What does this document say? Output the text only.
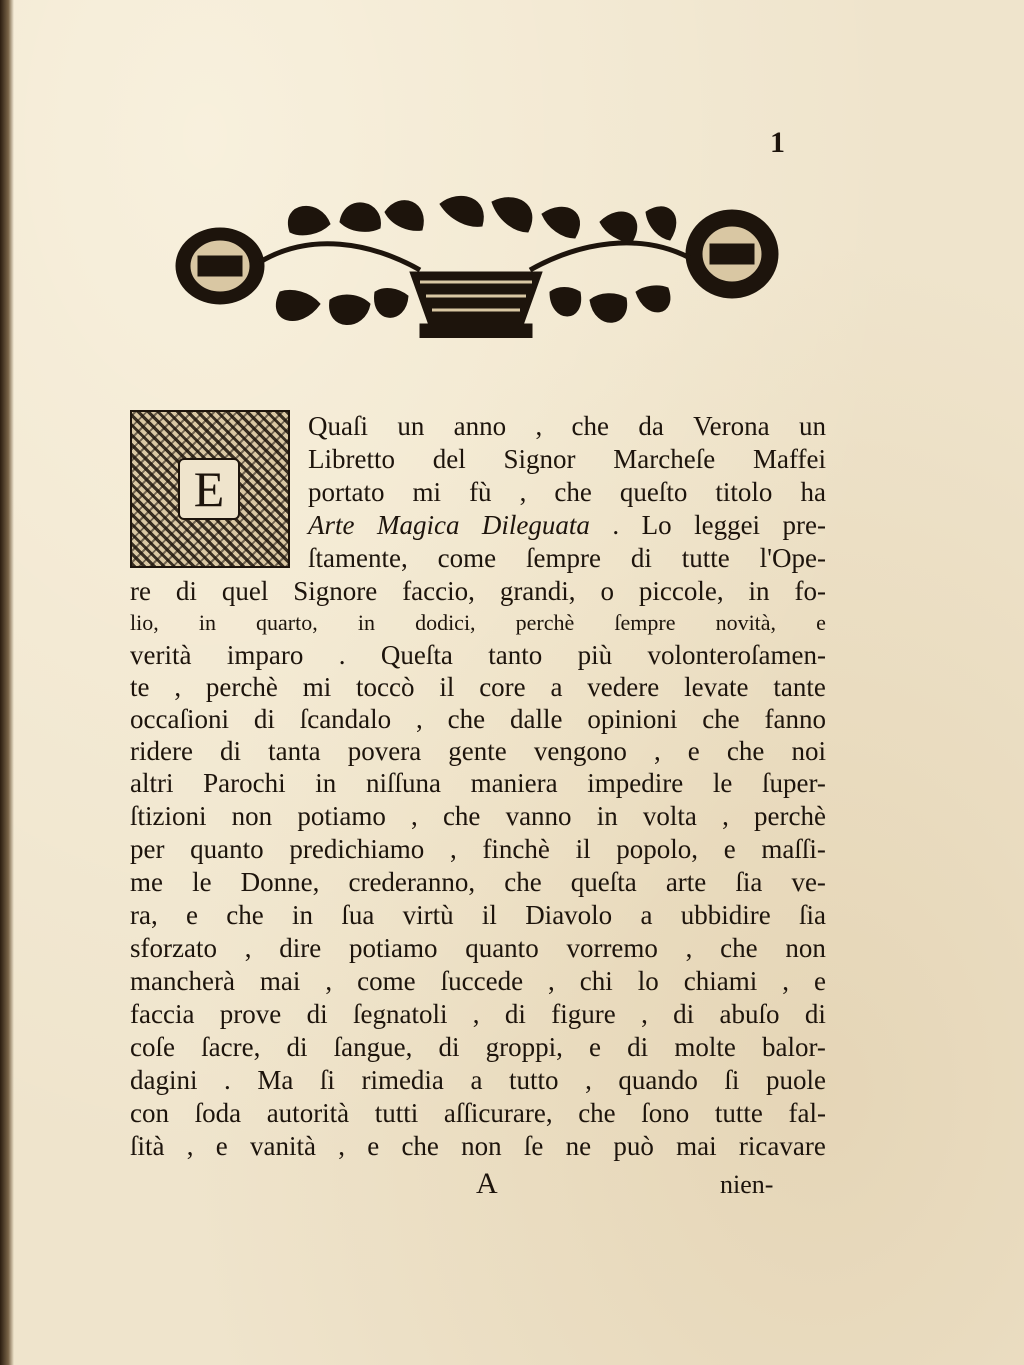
1
E
Quaſi un anno , che da Verona un
Libretto del Signor Marcheſe Maffei
portato mi fù , che queſto titolo ha
Arte Magica Dileguata . Lo leggei pre-
ſtamente, come ſempre di tutte l'Ope-
re di quel Signore faccio, grandi, o piccole, in fo-
lio, in quarto, in dodici, perchè ſempre novità, e
verità imparo . Queſta tanto più volonteroſamen-
te , perchè mi toccò il core a vedere levate tante
occaſioni di ſcandalo , che dalle opinioni che fanno
ridere di tanta povera gente vengono , e che noi
altri Parochi in niſſuna maniera impedire le ſuper-
ſtizioni non potiamo , che vanno in volta , perchè
per quanto predichiamo , finchè il popolo, e maſſi-
me le Donne, crederanno, che queſta arte ſia ve-
ra, e che in ſua virtù il Diavolo a ubbidire ſia
sforzato , dire potiamo quanto vorremo , che non
mancherà mai , come ſuccede , chi lo chiami , e
faccia prove di ſegnatoli , di figure , di abuſo di
coſe ſacre, di ſangue, di groppi, e di molte balor-
dagini . Ma ſi rimedia a tutto , quando ſi puole
con ſoda autorità tutti aſſicurare, che ſono tutte fal-
ſità , e vanità , e che non ſe ne può mai ricavare
A	nien-
